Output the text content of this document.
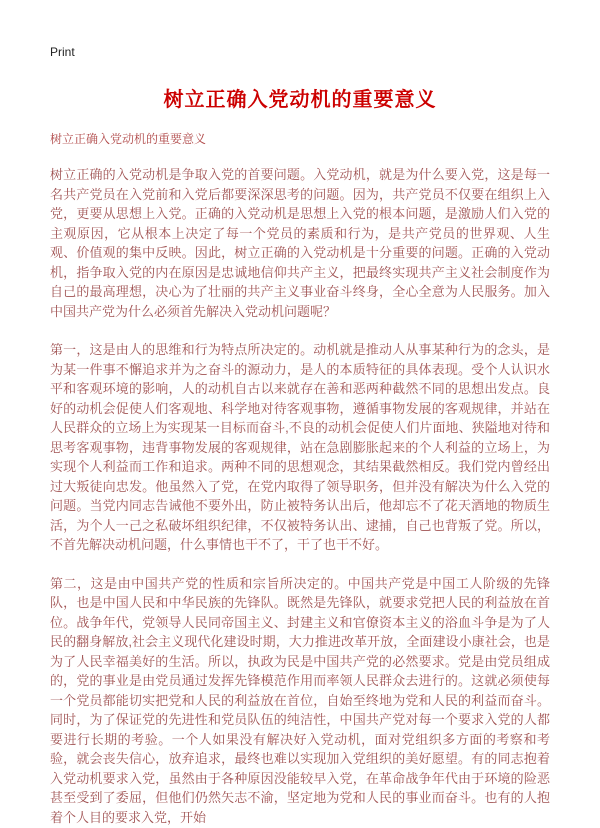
Print
树立正确入党动机的重要意义
树立正确入党动机的重要意义

树立正确的入党动机是争取入党的首要问题。入党动机，就是为什么要入党，这是每一名共产党员在入党前和入党后都要深深思考的问题。因为，共产党员不仅要在组织上入党，更要从思想上入党。正确的入党动机是思想上入党的根本问题，是激励人们入党的主观原因，它从根本上决定了每一个党员的素质和行为，是共产党员的世界观、人生观、价值观的集中反映。因此，树立正确的入党动机是十分重要的问题。正确的入党动机，指争取入党的内在原因是忠诚地信仰共产主义，把最终实现共产主义社会制度作为自己的最高理想，决心为了壮丽的共产主义事业奋斗终身，全心全意为人民服务。加入中国共产党为什么必须首先解决入党动机问题呢？

第一，这是由人的思维和行为特点所决定的。动机就是推动人从事某种行为的念头，是为某一件事不懈追求并为之奋斗的源动力，是人的本质特征的具体表现。受个人认识水平和客观环境的影响，人的动机自古以来就存在善和恶两种截然不同的思想出发点。良好的动机会促使人们客观地、科学地对待客观事物，遵循事物发展的客观规律，并站在人民群众的立场上为实现某一目标而奋斗,不良的动机会促使人们片面地、狭隘地对待和思考客观事物，违背事物发展的客观规律，站在急剧膨胀起来的个人利益的立场上，为实现个人利益而工作和追求。两种不同的思想观念，其结果截然相反。我们党内曾经出过大叛徒向忠发。他虽然入了党，在党内取得了领导职务，但并没有解决为什么入党的问题。当党内同志告诫他不要外出，防止被特务认出后，他却忘不了花天酒地的物质生活，为个人一己之私破坏组织纪律，不仅被特务认出、逮捕，自己也背叛了党。所以，不首先解决动机问题，什么事情也干不了，干了也干不好。

第二，这是由中国共产党的性质和宗旨所决定的。中国共产党是中国工人阶级的先锋队，也是中国人民和中华民族的先锋队。既然是先锋队，就要求党把人民的利益放在首位。战争年代，党领导人民同帝国主义、封建主义和官僚资本主义的浴血斗争是为了人民的翻身解放,社会主义现代化建设时期，大力推进改革开放，全面建设小康社会，也是为了人民幸福美好的生活。所以，执政为民是中国共产党的必然要求。党是由党员组成的，党的事业是由党员通过发挥先锋模范作用而率领人民群众去进行的。这就必须使每一个党员都能切实把党和人民的利益放在首位，自始至终地为党和人民的利益而奋斗。同时，为了保证党的先进性和党员队伍的纯洁性，中国共产党对每一个要求入党的人都要进行长期的考验。一个人如果没有解决好入党动机，面对党组织多方面的考察和考验，就会丧失信心，放弃追求，最终也难以实现加入党组织的美好愿望。有的同志抱着入党动机要求入党，虽然由于各种原因没能较早入党，在革命战争年代由于环境的险恶甚至受到了委屈，但他们仍然矢志不渝，坚定地为党和人民的事业而奋斗。也有的人抱着个人目的要求入党，开始
